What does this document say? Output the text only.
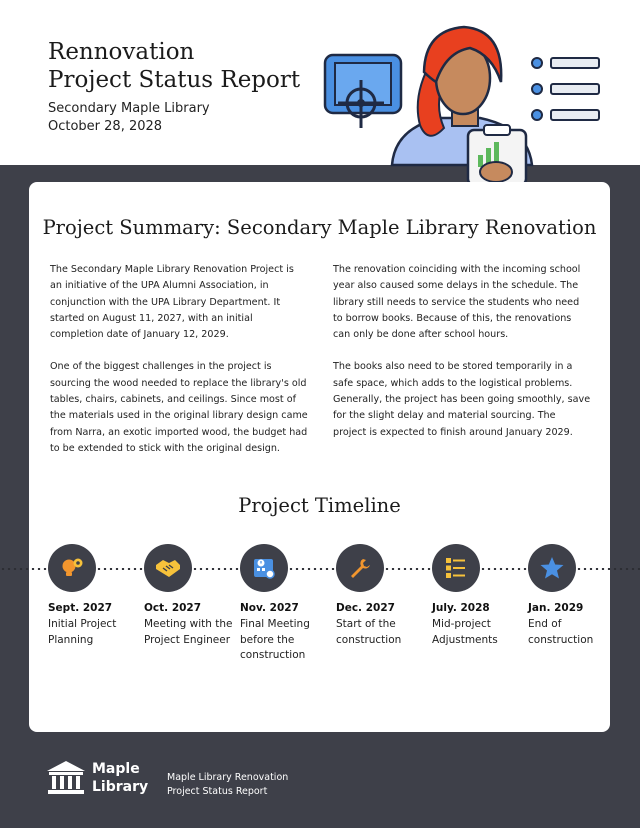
Rennovation
Project Status Report
Secondary Maple Library
October 28, 2028
Project Summary: Secondary Maple Library Renovation

The Secondary Maple Library Renovation Project is an initiative of the UPA Alumni Association, in conjunction with the UPA Library Department. It started on August 11, 2027, with an initial completion date of January 12, 2029.

One of the biggest challenges in the project is sourcing the wood needed to replace the library's old tables, chairs, cabinets, and ceilings. Since most of the materials used in the original library design came from Narra, an exotic imported wood, the budget had to be extended to stick with the original design.

The renovation coinciding with the incoming school year also caused some delays in the schedule. The library still needs to service the students who need to borrow books. Because of this, the renovations can only be done after school hours.

The books also need to be stored temporarily in a safe space, which adds to the logistical problems. Generally, the project has been going smoothly, save for the slight delay and material sourcing. The project is expected to finish around January 2029.

Project Timeline
Sept. 2027
Initial Project Planning
Oct. 2027
Meeting with the Project Engineer
Nov. 2027
Final Meeting before the construction
Dec. 2027
Start of the construction
July. 2028
Mid-project Adjustments
Jan. 2029
End of construction
Maple
Library
Maple Library Renovation
Project Status Report
